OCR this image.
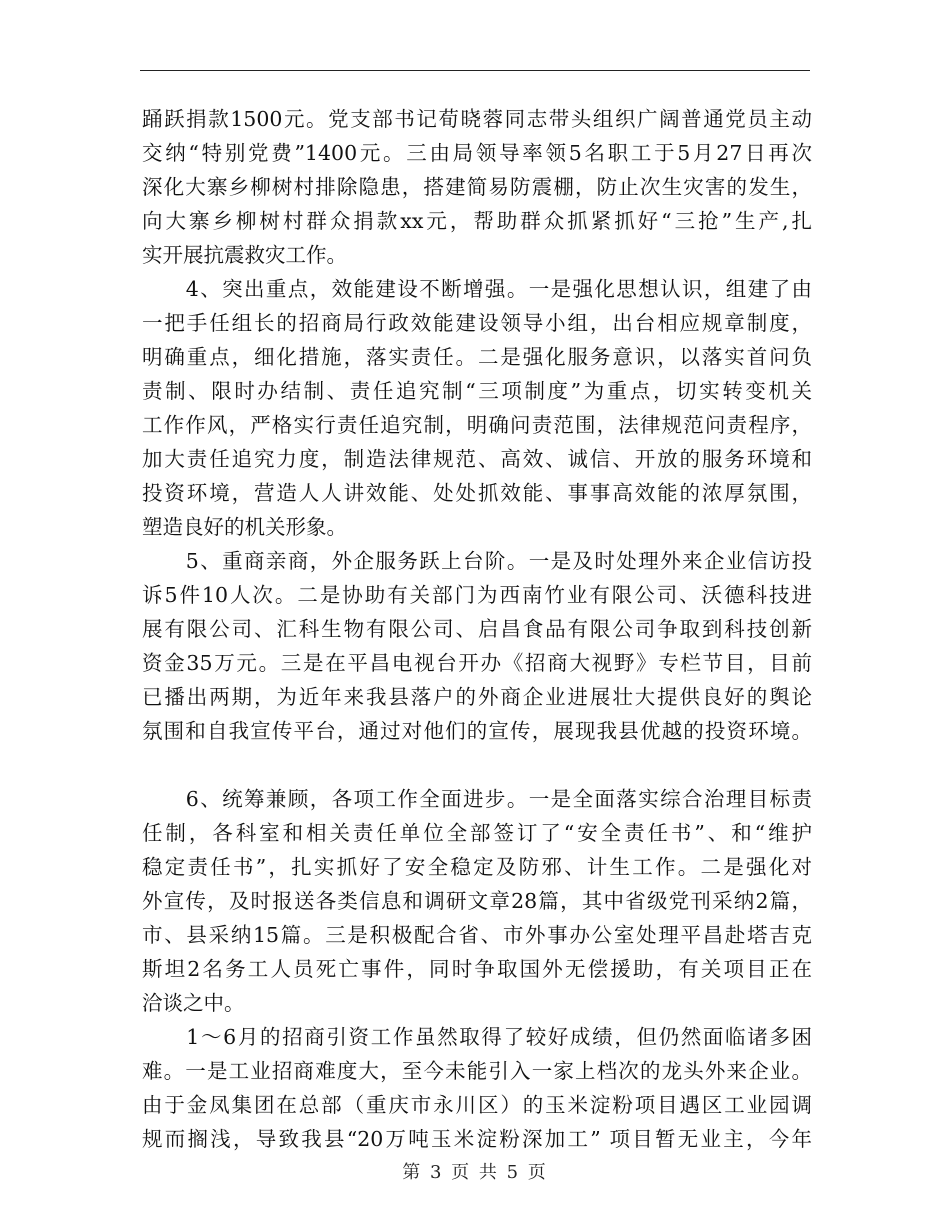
踊跃捐款1500元。党支部书记荀晓蓉同志带头组织广阔普通党员主动
交纳“特别党费”1400元。三由局领导率领5名职工于5月27日再次
深化大寨乡柳树村排除隐患，搭建简易防震棚，防止次生灾害的发生，
向大寨乡柳树村群众捐款xx元，帮助群众抓紧抓好“三抢”生产,扎
实开展抗震救灾工作。
　　4、突出重点，效能建设不断增强。一是强化思想认识，组建了由
一把手任组长的招商局行政效能建设领导小组，出台相应规章制度，
明确重点，细化措施，落实责任。二是强化服务意识，以落实首问负
责制、限时办结制、责任追究制“三项制度”为重点，切实转变机关
工作作风，严格实行责任追究制，明确问责范围，法律规范问责程序，
加大责任追究力度，制造法律规范、高效、诚信、开放的服务环境和
投资环境，营造人人讲效能、处处抓效能、事事高效能的浓厚氛围，
塑造良好的机关形象。
　　5、重商亲商，外企服务跃上台阶。一是及时处理外来企业信访投
诉5件10人次。二是协助有关部门为西南竹业有限公司、沃德科技进
展有限公司、汇科生物有限公司、启昌食品有限公司争取到科技创新
资金35万元。三是在平昌电视台开办《招商大视野》专栏节目，目前
已播出两期，为近年来我县落户的外商企业进展壮大提供良好的舆论
氛围和自我宣传平台，通过对他们的宣传，展现我县优越的投资环境。
　　6、统筹兼顾，各项工作全面进步。一是全面落实综合治理目标责
任制，各科室和相关责任单位全部签订了“安全责任书”、和“维护
稳定责任书”，扎实抓好了安全稳定及防邪、计生工作。二是强化对
外宣传，及时报送各类信息和调研文章28篇，其中省级党刊采纳2篇，
市、县采纳15篇。三是积极配合省、市外事办公室处理平昌赴塔吉克
斯坦2名务工人员死亡事件，同时争取国外无偿援助，有关项目正在
洽谈之中。
　　1～6月的招商引资工作虽然取得了较好成绩，但仍然面临诸多困
难。一是工业招商难度大，至今未能引入一家上档次的龙头外来企业。
由于金凤集团在总部（重庆市永川区）的玉米淀粉项目遇区工业园调
规而搁浅，导致我县“20万吨玉米淀粉深加工” 项目暂无业主，今年
第 3 页 共 5 页
